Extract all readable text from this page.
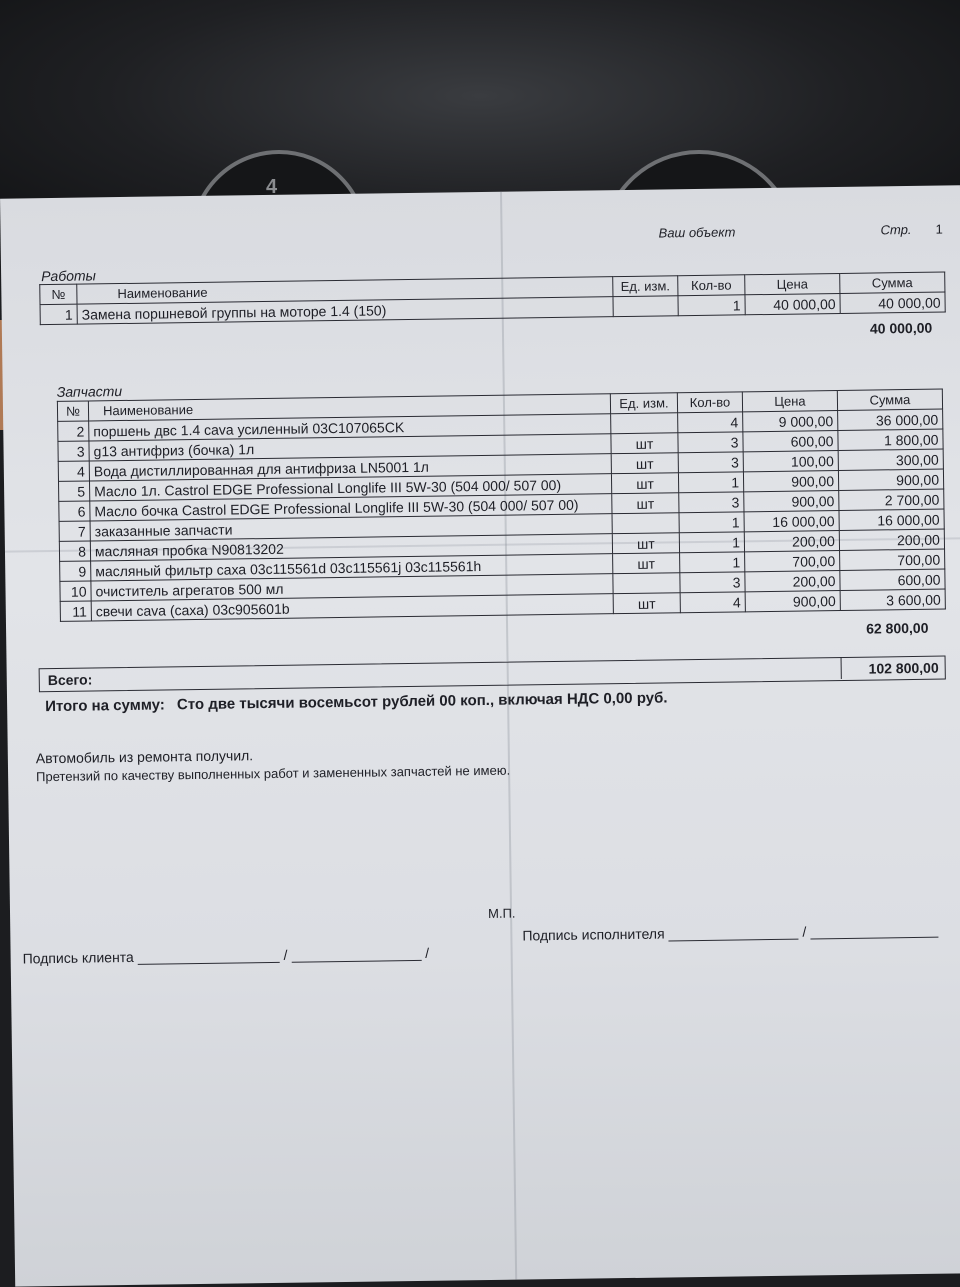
4
Ваш объект	Стр. 1
Работы
№	Наименование	Ед. изм.	Кол-во	Цена	Сумма
1	Замена поршневой группы на моторе 1.4 (150)		1	40 000,00	40 000,00
40 000,00
Запчасти
№	Наименование	Ед. изм.	Кол-во	Цена	Сумма
2	поршень двс 1.4 cava усиленный 03C107065CK		4	9 000,00	36 000,00
3	g13 антифриз (бочка) 1л	шт	3	600,00	1 800,00
4	Вода дистиллированная для антифриза LN5001 1л	шт	3	100,00	300,00
5	Масло 1л. Castrol EDGE Professional Longlife III 5W-30 (504 000/ 507 00)	шт	1	900,00	900,00
6	Масло бочка Castrol EDGE Professional Longlife III 5W-30 (504 000/ 507 00)	шт	3	900,00	2 700,00
7	заказанные запчасти		1	16 000,00	16 000,00
8	масляная пробка N90813202	шт	1	200,00	200,00
9	масляный фильтр саха 03c115561d 03c115561j 03c115561h	шт	1	700,00	700,00
10	очиститель агрегатов 500 мл		3	200,00	600,00
11	свечи cava (саха) 03c905601b	шт	4	900,00	3 600,00
62 800,00
Всего:
102 800,00
Итого на сумму: Сто две тысячи восемьсот рублей 00 коп., включая НДС 0,00 руб.
Автомобиль из ремонта получил.
Претензий по качеству выполненных работ и замененных запчастей не имею.
М.П.
Подпись клиента	/	/
Подпись исполнителя	/
